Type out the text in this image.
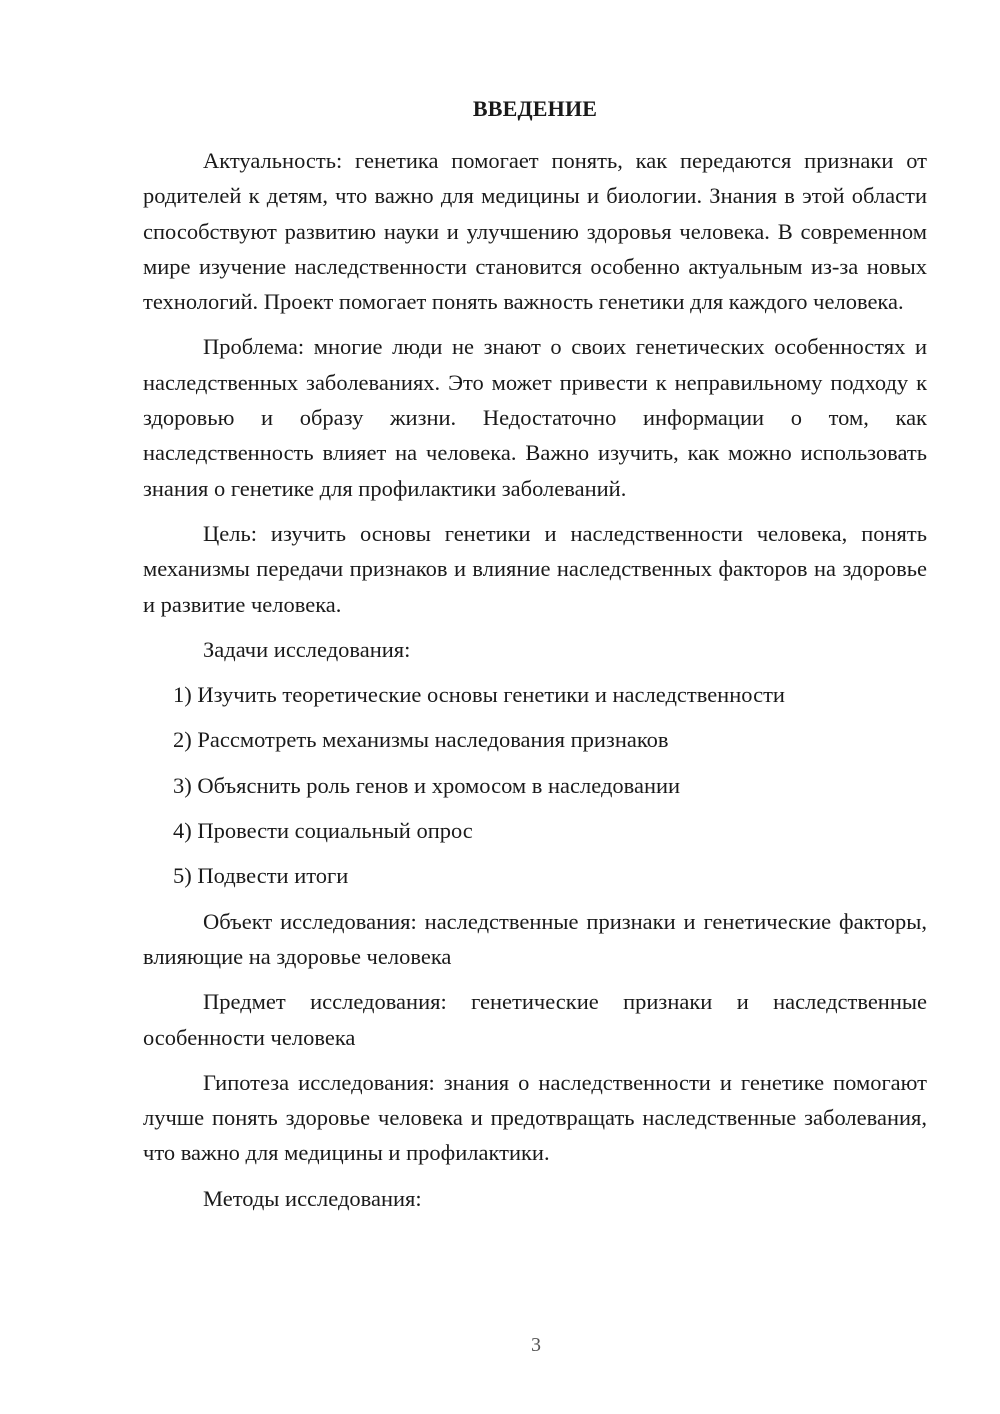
ВВЕДЕНИЕ

Актуальность: генетика помогает понять, как передаются признаки от родителей к детям, что важно для медицины и биологии. Знания в этой области способствуют развитию науки и улучшению здоровья человека. В современном мире изучение наследственности становится особенно актуальным из-за новых технологий. Проект помогает понять важность генетики для каждого человека.

Проблема: многие люди не знают о своих генетических особенностях и наследственных заболеваниях. Это может привести к неправильному подходу к здоровью и образу жизни. Недостаточно информации о том, как наследственность влияет на человека. Важно изучить, как можно использовать знания о генетике для профилактики заболеваний.

Цель: изучить основы генетики и наследственности человека, понять механизмы передачи признаков и влияние наследственных факторов на здоровье и развитие человека.

Задачи исследования:
1) Изучить теоретические основы генетики и наследственности
2) Рассмотреть механизмы наследования признаков
3) Объяснить роль генов и хромосом в наследовании
4) Провести социальный опрос
5) Подвести итоги

Объект исследования: наследственные признаки и генетические факторы, влияющие на здоровье человека

Предмет исследования: генетические признаки и наследственные особенности человека

Гипотеза исследования: знания о наследственности и генетике помогают лучше понять здоровье человека и предотвращать наследственные заболевания, что важно для медицины и профилактики.

Методы исследования:
3
